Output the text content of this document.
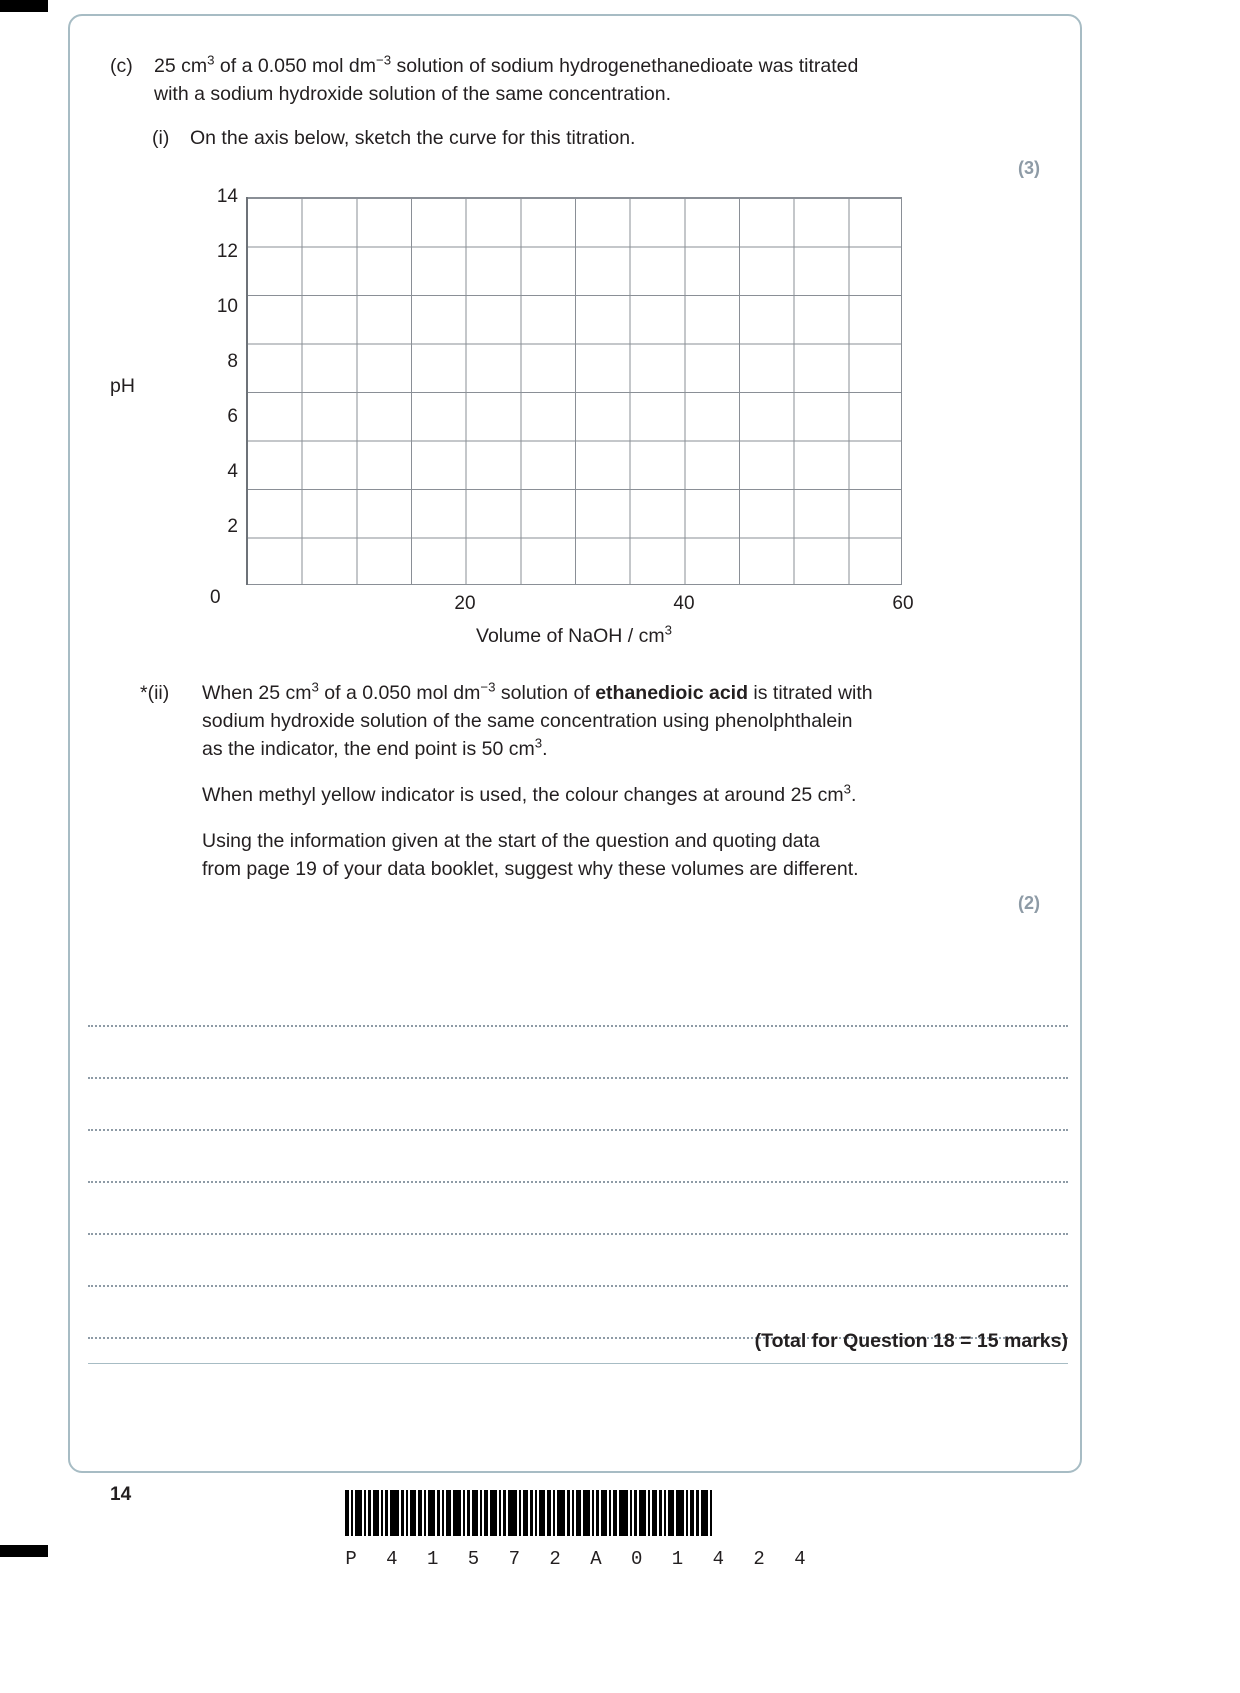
(c)	25 $cm^3$ of a 0.050 mol $dm^{-3}$ solution of sodium hydrogenethanedioate was titrated
with a sodium hydroxide solution of the same concentration.
(i)	On the axis below, sketch the curve for this titration.
(3)
14
12
10
8
6
4
2
pH
0	20	40	60
Volume of NaOH / $cm^3$
*(ii)	When 25 $cm^3$ of a 0.050 mol $dm^{-3}$ solution of ethanedioic acid is titrated with
sodium hydroxide solution of the same concentration using phenolphthalein
as the indicator, the end point is 50 $cm^3$.
When methyl yellow indicator is used, the colour changes at around 25 $cm^3$.
Using the information given at the start of the question and quoting data
from page 19 of your data booklet, suggest why these volumes are different.
(2)
(Total for Question 18 = 15 marks)
14
P 4 1 5 7 2 A 0 1 4 2 4
